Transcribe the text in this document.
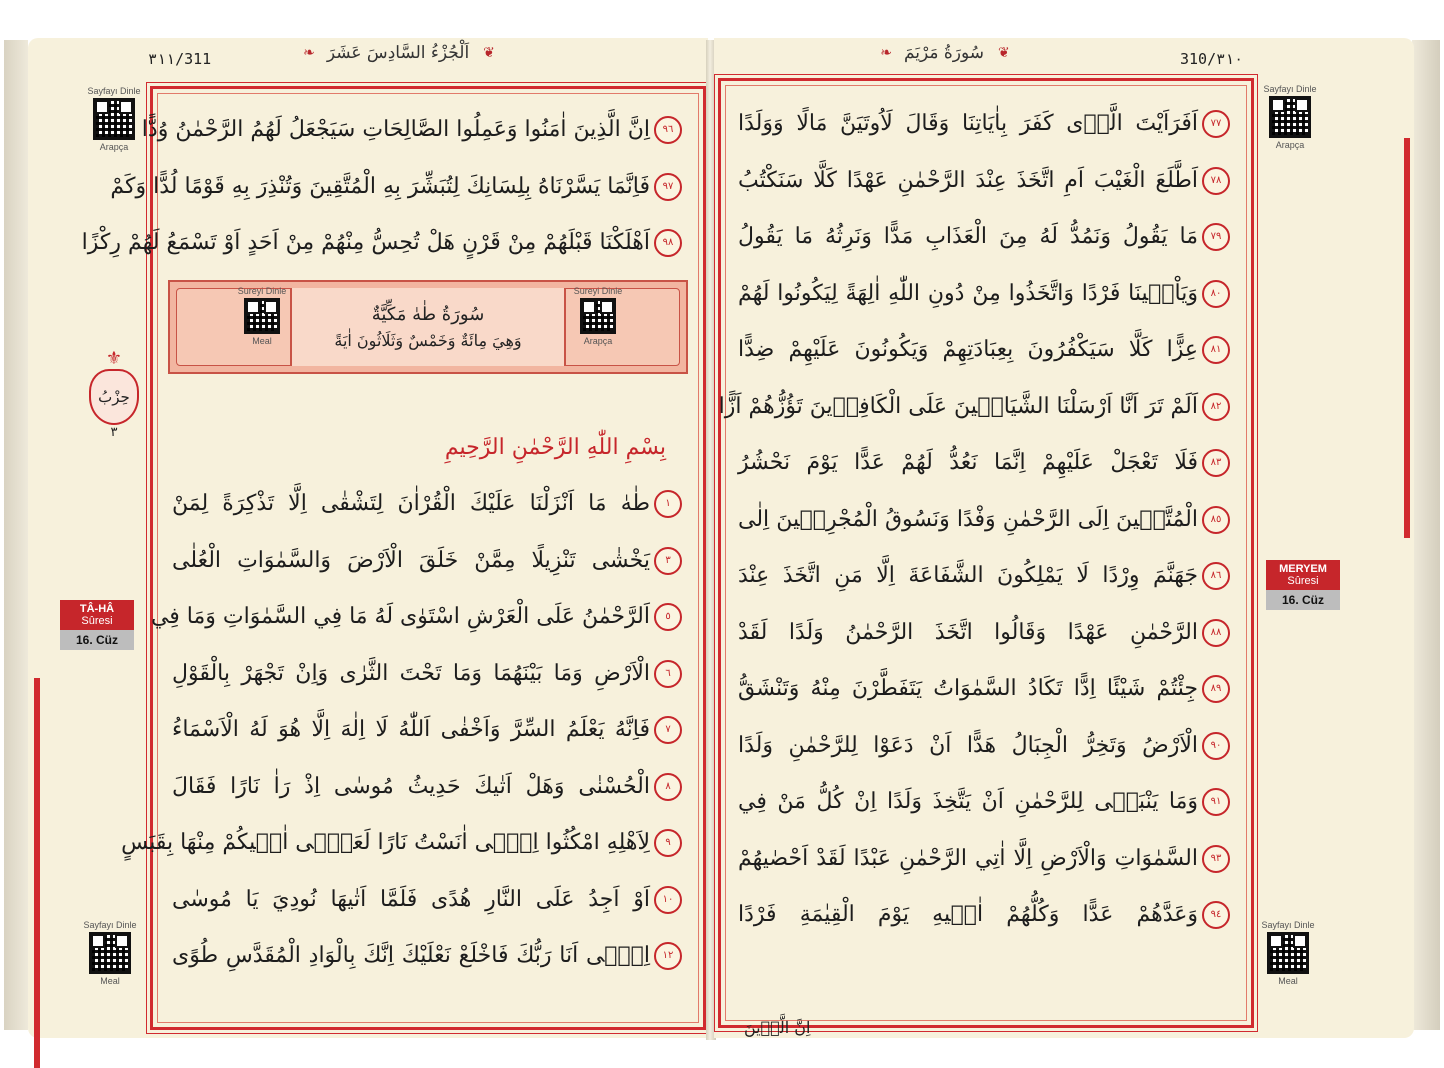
٣١١/311	❦
اَلْجُزْءُ السَّادِسَ عَشَرَ
❧
Sayfayı Dinle
Arapça
Sayfayı Dinle
Meal
⚜
حِزْبُ
٣
TÂ-HÂ
Sûresi
16. Cüz
٩٦
اِنَّ الَّذِينَ اٰمَنُوا وَعَمِلُوا الصَّالِحَاتِ سَيَجْعَلُ لَهُمُ الرَّحْمٰنُ وُدًّا
٩٧
فَاِنَّمَا يَسَّرْنَاهُ بِلِسَانِكَ لِتُبَشِّرَ بِهِ الْمُتَّقِينَ وَتُنْذِرَ بِهِ قَوْمًا لُدًّا وَكَمْ
٩٨
اَهْلَكْنَا قَبْلَهُمْ مِنْ قَرْنٍ هَلْ تُحِسُّ مِنْهُمْ مِنْ اَحَدٍ اَوْ تَسْمَعُ لَهُمْ رِكْزًا
Sureyi Dinle
Meal
Sureyi Dinle
Arapça
سُورَةُ طٰهٰ مَكِّيَّةٌ
وَهِيَ مِائَةٌ وَخَمْسٌ وَثَلَاثُونَ اٰيَةً
بِسْمِ اللّٰهِ الرَّحْمٰنِ الرَّحِيمِ
١
طٰهٰ مَا اَنْزَلْنَا عَلَيْكَ الْقُرْاٰنَ لِتَشْقٰى اِلَّا تَذْكِرَةً لِمَنْ
٣
يَخْشٰى تَنْزِيلًا مِمَّنْ خَلَقَ الْاَرْضَ وَالسَّمٰوَاتِ الْعُلٰى
٥
اَلرَّحْمٰنُ عَلَى الْعَرْشِ اسْتَوٰى لَهُ مَا فِي السَّمٰوَاتِ وَمَا فِي
٦
الْاَرْضِ وَمَا بَيْنَهُمَا وَمَا تَحْتَ الثَّرٰى وَاِنْ تَجْهَرْ بِالْقَوْلِ
٧
فَاِنَّهُ يَعْلَمُ السِّرَّ وَاَخْفٰى اَللّٰهُ لَا اِلٰهَ اِلَّا هُوَ لَهُ الْاَسْمَاءُ
٨
الْحُسْنٰى وَهَلْ اَتٰيكَ حَدِيثُ مُوسٰى اِذْ رَاٰ نَارًا فَقَالَ
٩
لِاَهْلِهِ امْكُثُوا اِنّٖى اٰنَسْتُ نَارًا لَعَلّٖى اٰتٖيكُمْ مِنْهَا بِقَبَسٍ
١٠
اَوْ اَجِدُ عَلَى النَّارِ هُدًى فَلَمَّا اَتٰيهَا نُودِيَ يَا مُوسٰى
١٢
اِنّٖى اَنَا رَبُّكَ فَاخْلَعْ نَعْلَيْكَ اِنَّكَ بِالْوَادِ الْمُقَدَّسِ طُوًى
❦
سُورَةُ مَرْيَمَ
❧	310/٣١٠
Sayfayı Dinle
Arapça
Sayfayı Dinle
Meal
MERYEM
Sûresi
16. Cüz
٧٧
اَفَرَاَيْتَ الَّذٖى كَفَرَ بِاٰيَاتِنَا وَقَالَ لَاُوتَيَنَّ مَالًا وَوَلَدًا
٧٨
اَطَّلَعَ الْغَيْبَ اَمِ اتَّخَذَ عِنْدَ الرَّحْمٰنِ عَهْدًا كَلَّا سَنَكْتُبُ
٧٩
مَا يَقُولُ وَنَمُدُّ لَهُ مِنَ الْعَذَابِ مَدًّا وَنَرِثُهُ مَا يَقُولُ
٨٠
وَيَاْتٖينَا فَرْدًا وَاتَّخَذُوا مِنْ دُونِ اللّٰهِ اٰلِهَةً لِيَكُونُوا لَهُمْ
٨١
عِزًّا كَلَّا سَيَكْفُرُونَ بِعِبَادَتِهِمْ وَيَكُونُونَ عَلَيْهِمْ ضِدًّا
٨٢
اَلَمْ تَرَ اَنَّا اَرْسَلْنَا الشَّيَاطٖينَ عَلَى الْكَافِرٖينَ تَؤُزُّهُمْ اَزًّا
٨٣
فَلَا تَعْجَلْ عَلَيْهِمْ اِنَّمَا نَعُدُّ لَهُمْ عَدًّا يَوْمَ نَحْشُرُ
٨٥
الْمُتَّقٖينَ اِلَى الرَّحْمٰنِ وَفْدًا وَنَسُوقُ الْمُجْرِمٖينَ اِلٰى
٨٦
جَهَنَّمَ وِرْدًا لَا يَمْلِكُونَ الشَّفَاعَةَ اِلَّا مَنِ اتَّخَذَ عِنْدَ
٨٨
الرَّحْمٰنِ عَهْدًا وَقَالُوا اتَّخَذَ الرَّحْمٰنُ وَلَدًا لَقَدْ
٨٩
جِئْتُمْ شَيْئًا اِدًّا تَكَادُ السَّمٰوَاتُ يَتَفَطَّرْنَ مِنْهُ وَتَنْشَقُّ
٩٠
الْاَرْضُ وَتَخِرُّ الْجِبَالُ هَدًّا اَنْ دَعَوْا لِلرَّحْمٰنِ وَلَدًا
٩١
وَمَا يَنْبَغٖى لِلرَّحْمٰنِ اَنْ يَتَّخِذَ وَلَدًا اِنْ كُلُّ مَنْ فِي
٩٣
السَّمٰوَاتِ وَالْاَرْضِ اِلَّا اٰتِي الرَّحْمٰنِ عَبْدًا لَقَدْ اَحْصٰيهُمْ
٩٤
وَعَدَّهُمْ عَدًّا وَكُلُّهُمْ اٰتٖيهِ يَوْمَ الْقِيٰمَةِ فَرْدًا
اِنَّ الَّذٖينَ
